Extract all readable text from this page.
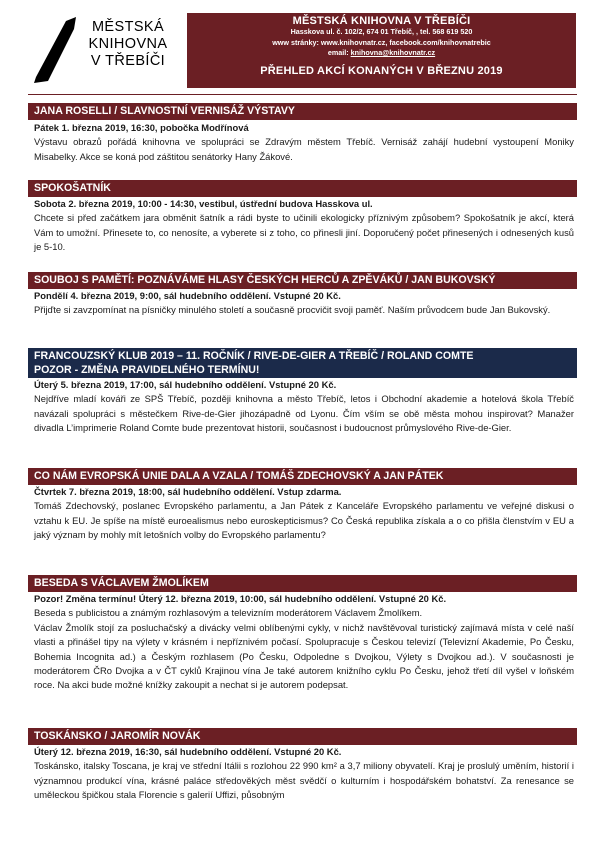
MĚSTSKÁ
KNIHOVNA
V TŘEBÍČI
MĚSTSKÁ KNIHOVNA V TŘEBÍČI
Hasskova ul. č. 102/2, 674 01 Třebíč, , tel. 568 619 520
www stránky: www.knihovnatr.cz, facebook.com/knihovnatrebic
email: knihovna@knihovnatr.cz
PŘEHLED AKCÍ KONANÝCH V BŘEZNU 2019
JANA ROSELLI / SLAVNOSTNÍ VERNISÁŽ VÝSTAVY
Pátek 1. března 2019, 16:30, pobočka Modřínová

Výstavu obrazů pořádá knihovna ve spolupráci se Zdravým městem Třebíč. Vernisáž zahájí hudební vystoupení Moniky Misabelky. Akce se koná pod záštitou senátorky Hany Žákové.

SPOKOŠATNÍK
Sobota 2. března 2019, 10:00 - 14:30, vestibul, ústřední budova Hasskova ul.

Chcete si před začátkem jara obměnit šatník a rádi byste to učinili ekologicky příznivým způsobem? Spokošatník je akcí, která Vám to umožní. Přinesete to, co nenosíte, a vyberete si z toho, co přinesli jiní. Doporučený počet přinesených i odnesených kusů je 5-10.

SOUBOJ S PAMĚTÍ: POZNÁVÁME HLASY ČESKÝCH HERCŮ A ZPĚVÁKŮ / JAN BUKOVSKÝ
Pondělí 4. března 2019, 9:00, sál hudebního oddělení. Vstupné 20 Kč.

Přijďte si zavzpomínat na písničky minulého století a současně procvičit svoji paměť. Naším průvodcem bude Jan Bukovský.

FRANCOUZSKÝ KLUB 2019 – 11. ROČNÍK / RIVE-DE-GIER A TŘEBÍČ / ROLAND COMTE
POZOR - ZMĚNA PRAVIDELNÉHO TERMÍNU!
Úterý 5. března 2019, 17:00, sál hudebního oddělení. Vstupné 20 Kč.

Nejdříve mladí kováři ze SPŠ Třebíč, později knihovna a město Třebíč, letos i Obchodní akademie a hotelová škola Třebíč navázali spolupráci s městečkem Rive-de-Gier jihozápadně od Lyonu. Čím vším se obě města mohou inspirovat? Manažer divadla L’imprimerie Roland Comte bude prezentovat historii, současnost i budoucnost průmyslového Rive-de-Gier.

CO NÁM EVROPSKÁ UNIE DALA A VZALA / TOMÁŠ ZDECHOVSKÝ A JAN PÁTEK
Čtvrtek 7. března 2019, 18:00, sál hudebního oddělení. Vstup zdarma.

Tomáš Zdechovský, poslanec Evropského parlamentu, a Jan Pátek z Kanceláře Evropského parlamentu ve veřejné diskusi o vztahu k EU. Je spíše na místě euroealismus nebo euroskepticismus? Co Česká republika získala a o co přišla členstvím v EU a jaký význam by mohly mít letošních volby do Evropského parlamentu?

BESEDA S VÁCLAVEM ŽMOLÍKEM
Pozor! Změna termínu! Úterý 12. března 2019, 10:00, sál hudebního oddělení. Vstupné 20 Kč.

Beseda s publicistou a známým rozhlasovým a televizním moderátorem Václavem Žmolíkem.

Václav Žmolík stojí za posluchačský a divácky velmi oblíbenými cykly, v nichž navštěvoval turistický zajímavá místa v celé naší vlasti a přinášel tipy na výlety v krásném i nepříznivém počasí. Spolupracuje s Českou televizí (Televizní Akademie, Po Česku, Bohemia Incognita ad.) a Českým rozhlasem (Po Česku, Odpoledne s Dvojkou, Výlety s Dvojkou ad.). V současnosti je moderátorem ČRo Dvojka a v ČT cyklů Krajinou vína Je také autorem knižního cyklu Po Česku, jehož třetí díl vyšel v loňském roce. Na akci bude možné knížky zakoupit a nechat si je autorem podepsat.

TOSKÁNSKO / JAROMÍR NOVÁK
Úterý 12. března 2019, 16:30, sál hudebního oddělení. Vstupné 20 Kč.

Toskánsko, italsky Toscana, je kraj ve střední Itálii s rozlohou 22 990 km² a 3,7 miliony obyvatelí. Kraj je proslulý uměním, historií i významnou produkcí vína, krásné paláce středověkých měst svědčí o kulturním i hospodářském bohatství. Za renesance se uměleckou špičkou stala Florencie s galerií Uffizi, působným
